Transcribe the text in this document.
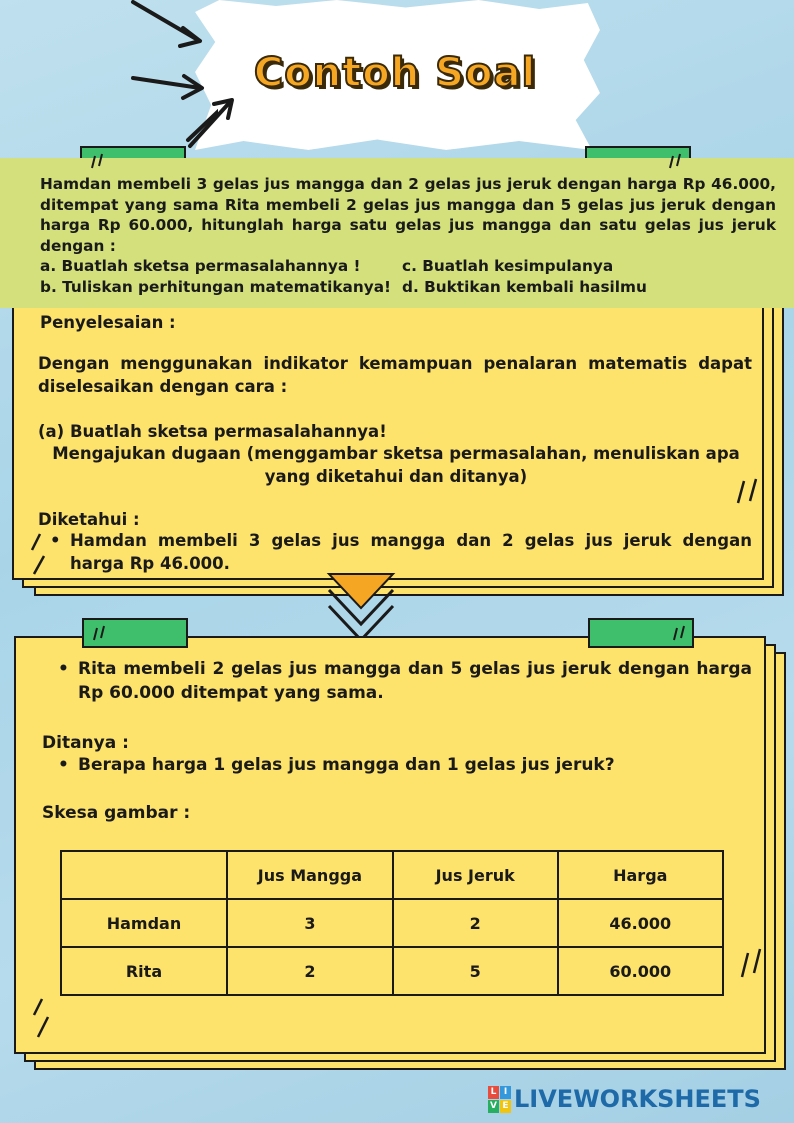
Contoh Soal

Hamdan membeli 3 gelas jus mangga dan 2 gelas jus jeruk dengan harga Rp 46.000, ditempat yang sama Rita membeli 2 gelas jus mangga dan 5 gelas jus jeruk dengan harga Rp 60.000, hitunglah harga satu gelas jus mangga dan satu gelas jus jeruk dengan :

a. Buatlah sketsa permasalahannya !	c. Buatlah kesimpulanya
b. Tuliskan perhitungan matematikanya! d. Buktikan kembali hasilmu
Penyelesaian :
Dengan menggunakan indikator kemampuan penalaran matematis dapat diselesaikan dengan cara :
(a) Buatlah sketsa permasalahannya!
Mengajukan dugaan (menggambar sketsa permasalahan, menuliskan apa yang diketahui dan ditanya)
Diketahui :
• Hamdan membeli 3 gelas jus mangga dan 2 gelas jus jeruk dengan harga Rp 46.000.
• Rita membeli 2 gelas jus mangga dan 5 gelas jus jeruk dengan harga Rp 60.000 ditempat yang sama.
Ditanya :
• Berapa harga 1 gelas jus mangga dan 1 gelas jus jeruk?
Skesa gambar :
	Jus Mangga	Jus Jeruk	Harga
Hamdan	3	2	46.000
Rita	2	5	60.000
L I
V E LIVEWORKSHEETS
